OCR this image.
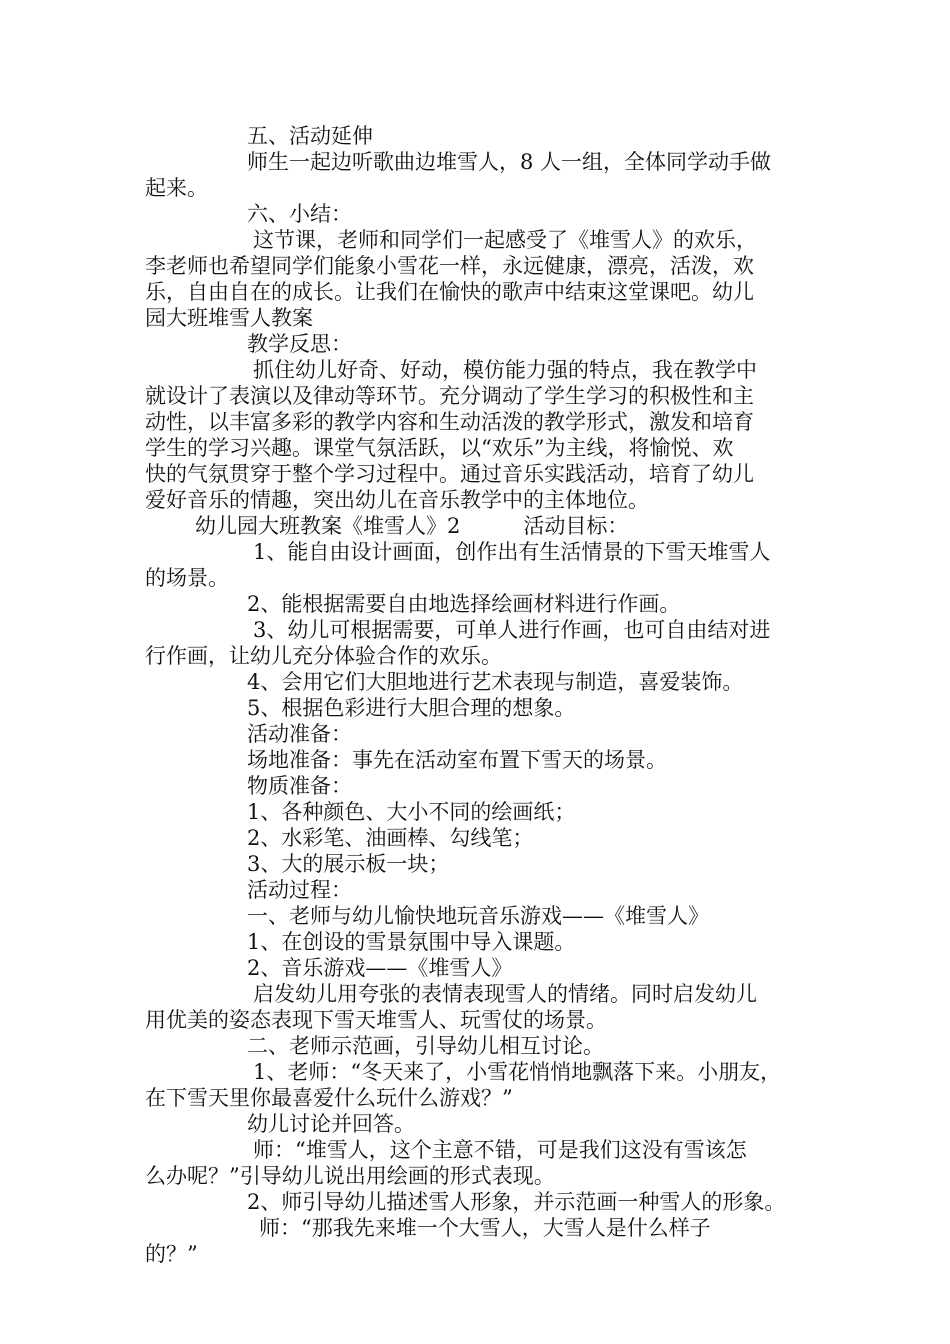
五、活动延伸
师生一起边听歌曲边堆雪人，8 人一组，全体同学动手做
起来。
六、小结：
这节课，老师和同学们一起感受了《堆雪人》的欢乐，
李老师也希望同学们能象小雪花一样，永远健康，漂亮，活泼，欢
乐，自由自在的成长。让我们在愉快的歌声中结束这堂课吧。幼儿
园大班堆雪人教案
教学反思：
抓住幼儿好奇、好动，模仿能力强的特点，我在教学中
就设计了表演以及律动等环节。充分调动了学生学习的积极性和主
动性，以丰富多彩的教学内容和生动活泼的教学形式，激发和培育
学生的学习兴趣。课堂气氛活跃，以“欢乐”为主线，将愉悦、欢
快的气氛贯穿于整个学习过程中。通过音乐实践活动，培育了幼儿
爱好音乐的情趣，突出幼儿在音乐教学中的主体地位。
幼儿园大班教案《堆雪人》2　　　活动目标：
1、能自由设计画面，创作出有生活情景的下雪天堆雪人
的场景。
2、能根据需要自由地选择绘画材料进行作画。
3、幼儿可根据需要，可单人进行作画，也可自由结对进
行作画，让幼儿充分体验合作的欢乐。
4、会用它们大胆地进行艺术表现与制造，喜爱装饰。
5、根据色彩进行大胆合理的想象。
活动准备：
场地准备：事先在活动室布置下雪天的场景。
物质准备：
1、各种颜色、大小不同的绘画纸；
2、水彩笔、油画棒、勾线笔；
3、大的展示板一块；
活动过程：
一、老师与幼儿愉快地玩音乐游戏——《堆雪人》
1、在创设的雪景氛围中导入课题。
2、音乐游戏——《堆雪人》
启发幼儿用夸张的表情表现雪人的情绪。同时启发幼儿
用优美的姿态表现下雪天堆雪人、玩雪仗的场景。
二、老师示范画，引导幼儿相互讨论。
1、老师：“冬天来了，小雪花悄悄地飘落下来。小朋友，
在下雪天里你最喜爱什么玩什么游戏？”
幼儿讨论并回答。
师：“堆雪人，这个主意不错，可是我们这没有雪该怎
么办呢？”引导幼儿说出用绘画的形式表现。
2、师引导幼儿描述雪人形象，并示范画一种雪人的形象。
师：“那我先来堆一个大雪人，大雪人是什么样子
的？”
